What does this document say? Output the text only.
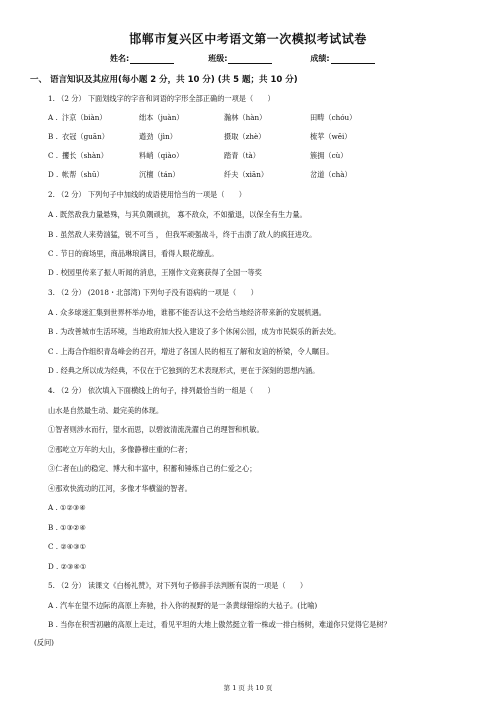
邯郸市复兴区中考语文第一次模拟考试试卷
姓名:	班级:	成绩:
一、 语言知识及其应用(每小题 2 分，共 10 分) (共 5 题；共 10 分)
1. （2 分） 下面划线字的字音和词语的字形全部正确的一项是（　　）
A . 汴京（biàn）	绌本（juàn）	瀚林（hàn）	田畴（chóu）
B . 衣冠（guān）	遒劲（jìn）	摄取（zhè）	梳苹（wēi）
C . 攫长（shàn）	料峭（qiào）	踏青（tà）	簇拥（cù）
D . 帐帮（shū）	沉檀（tán）	纤夫（xiān）	岔道（chà）
2. （2 分） 下列句子中加线的成语使用恰当的一项是（　　）
A . 既然敌我力量悬殊，与其负隅顽抗， 寡不敌众，不如撤退，以保全有生力量。
B . 虽然敌人来势汹猛，锐不可当 ， 但我军顽强战斗，终于击溃了敌人的疯狂进攻。
C . 节日的商场里，商品琳琅满目，看得人眼花缭乱。
D . 校园里传来了振人听闻的消息，王刚作文竞赛获得了全国一等奖
3. （2 分） (2018・北部湾) 下列句子没有语病的一项是（　　）
A . 众多球迷汇集到世界杯举办地，谁都不能否认这不会给当地经济带来新的发展机遇。
B . 为改善城市生活环境，当地政府加大投入建设了多个休闲公园，成为市民娱乐的新去处。
C . 上海合作组织青岛峰会的召开，增进了各国人民的相互了解和友谊的桥梁，令人瞩目。
D . 经典之所以成为经典，不仅在于它独到的艺术表现形式，更在于深刻的思想内涵。
4. （2 分） 依次填入下面横线上的句子，排列最恰当的一组是（　　）
山水是自然最生动、最完美的体现。
①智者则涉水而行，望水而思，以碧波清流洗濯自己的理智和机敏。
②那屹立万年的大山，多像静穆庄重的仁者；
③仁者在山的稳定、博大和丰富中，积蓄和锤炼自己的仁爱之心；
④那欢快流动的江河，多像才华横溢的智者。
A . ①②③④
B . ①③②④
C . ②④③①
D . ②③④①
5. （2 分） 读课文《白杨礼赞》，对下列句子修辞手法判断有误的一项是（　　）
A . 汽车在望不边际的高原上奔驰，扑入你的视野的是一条黄绿错综的大毡子。(比喻)
B . 当你在积雪初融的高原上走过，看见平坦的大地上傲然挺立着一株或一排白杨树，难道你只觉得它是树？
(反问)
第 1 页 共 10 页
